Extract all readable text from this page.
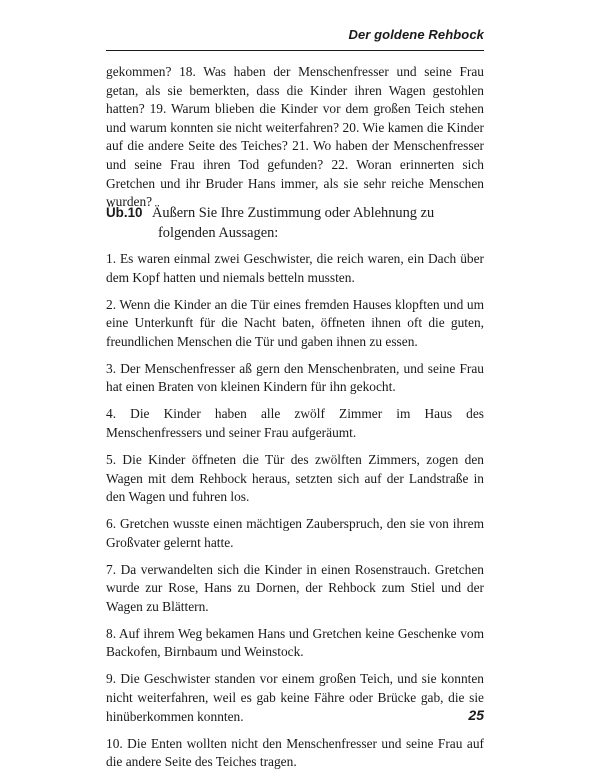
Der goldene Rehbock

gekommen? 18. Was haben der Menschenfresser und seine Frau getan, als sie bemerkten, dass die Kinder ihren Wagen gestohlen hatten? 19. Warum blieben die Kinder vor dem großen Teich stehen und warum konnten sie nicht weiterfahren? 20. Wie kamen die Kinder auf die andere Seite des Teiches? 21. Wo haben der Menschenfresser und seine Frau ihren Tod gefunden? 22. Woran erinnerten sich Gretchen und ihr Bruder Hans immer, als sie sehr reiche Menschen wurden?

Üb.10 Äußern Sie Ihre Zustimmung oder Ablehnung zu folgenden Aussagen:

1. Es waren einmal zwei Geschwister, die reich waren, ein Dach über dem Kopf hatten und niemals betteln mussten.
2. Wenn die Kinder an die Tür eines fremden Hauses klopften und um eine Unterkunft für die Nacht baten, öffneten ihnen oft die guten, freundlichen Menschen die Tür und gaben ihnen zu essen.
3. Der Menschenfresser aß gern den Menschenbraten, und seine Frau hat einen Braten von kleinen Kindern für ihn gekocht.
4. Die Kinder haben alle zwölf Zimmer im Haus des Menschenfressers und seiner Frau aufgeräumt.
5. Die Kinder öffneten die Tür des zwölften Zimmers, zogen den Wagen mit dem Rehbock heraus, setzten sich auf der Landstraße in den Wagen und fuhren los.
6. Gretchen wusste einen mächtigen Zauberspruch, den sie von ihrem Großvater gelernt hatte.
7. Da verwandelten sich die Kinder in einen Rosenstrauch. Gretchen wurde zur Rose, Hans zu Dornen, der Rehbock zum Stiel und der Wagen zu Blättern.
8. Auf ihrem Weg bekamen Hans und Gretchen keine Geschenke vom Backofen, Birnbaum und Weinstock.
9. Die Geschwister standen vor einem großen Teich, und sie konnten nicht weiterfahren, weil es gab keine Fähre oder Brücke gab, die sie hinüberkommen konnten.
10. Die Enten wollten nicht den Menschenfresser und seine Frau auf die andere Seite des Teiches tragen.
25
